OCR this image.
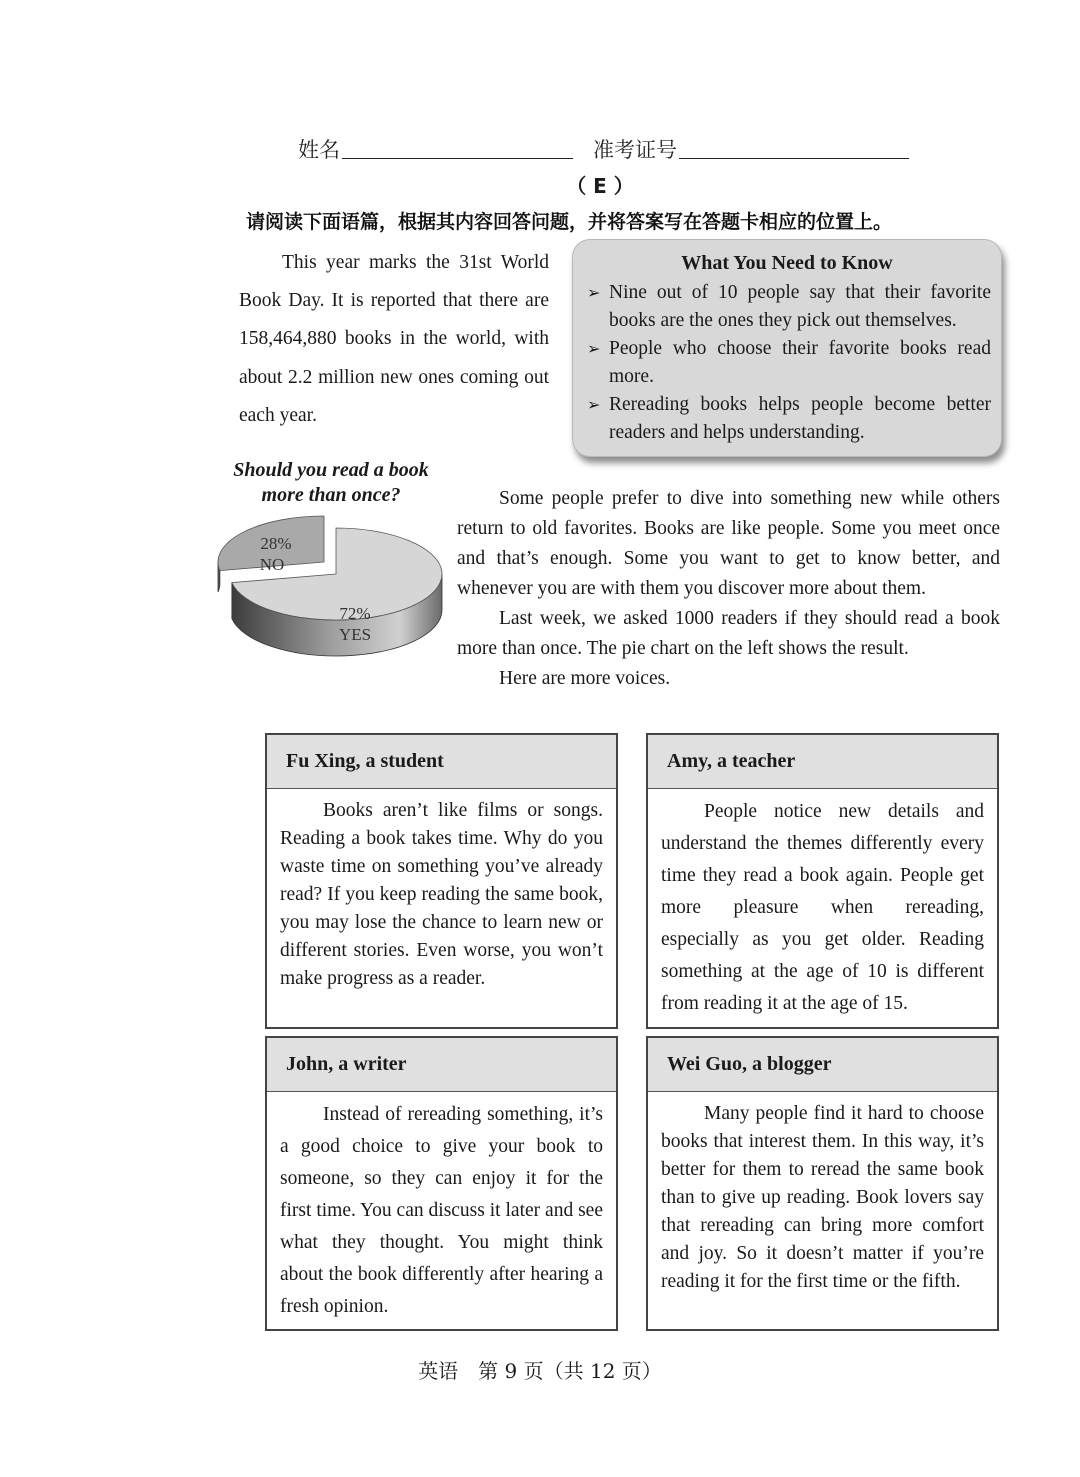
姓名	准考证号
（ E ）
请阅读下面语篇，根据其内容回答问题，并将答案写在答题卡相应的位置上。

This year marks the 31st World Book Day. It is reported that there are 158,464,880 books in the world, with about 2.2 million new ones coming out each year.

What You Need to Know
➢ Nine out of 10 people say that their favorite books are the ones they pick out themselves.
➢ People who choose their favorite books read more.
➢ Rereading books helps people become better readers and helps understanding.
Should you read a book more than once?
28%
NO
72%
YES

Some people prefer to dive into something new while others return to old favorites. Books are like people. Some you meet once and that’s enough. Some you want to get to know better, and whenever you are with them you discover more about them.

Last week, we asked 1000 readers if they should read a book more than once. The pie chart on the left shows the result.

Here are more voices.

Fu Xing, a student

Books aren’t like films or songs. Reading a book takes time. Why do you waste time on something you’ve already read? If you keep reading the same book, you may lose the chance to learn new or different stories. Even worse, you won’t make progress as a reader.

Amy, a teacher

People notice new details and understand the themes differently every time they read a book again. People get more pleasure when rereading, especially as you get older. Reading something at the age of 10 is different from reading it at the age of 15.

John, a writer

Instead of rereading something, it’s a good choice to give your book to someone, so they can enjoy it for the first time. You can discuss it later and see what they thought. You might think about the book differently after hearing a fresh opinion.

Wei Guo, a blogger

Many people find it hard to choose books that interest them. In this way, it’s better for them to reread the same book than to give up reading. Book lovers say that rereading can bring more comfort and joy. So it doesn’t matter if you’re reading it for the first time or the fifth.

英语　第 9 页（共 12 页）
